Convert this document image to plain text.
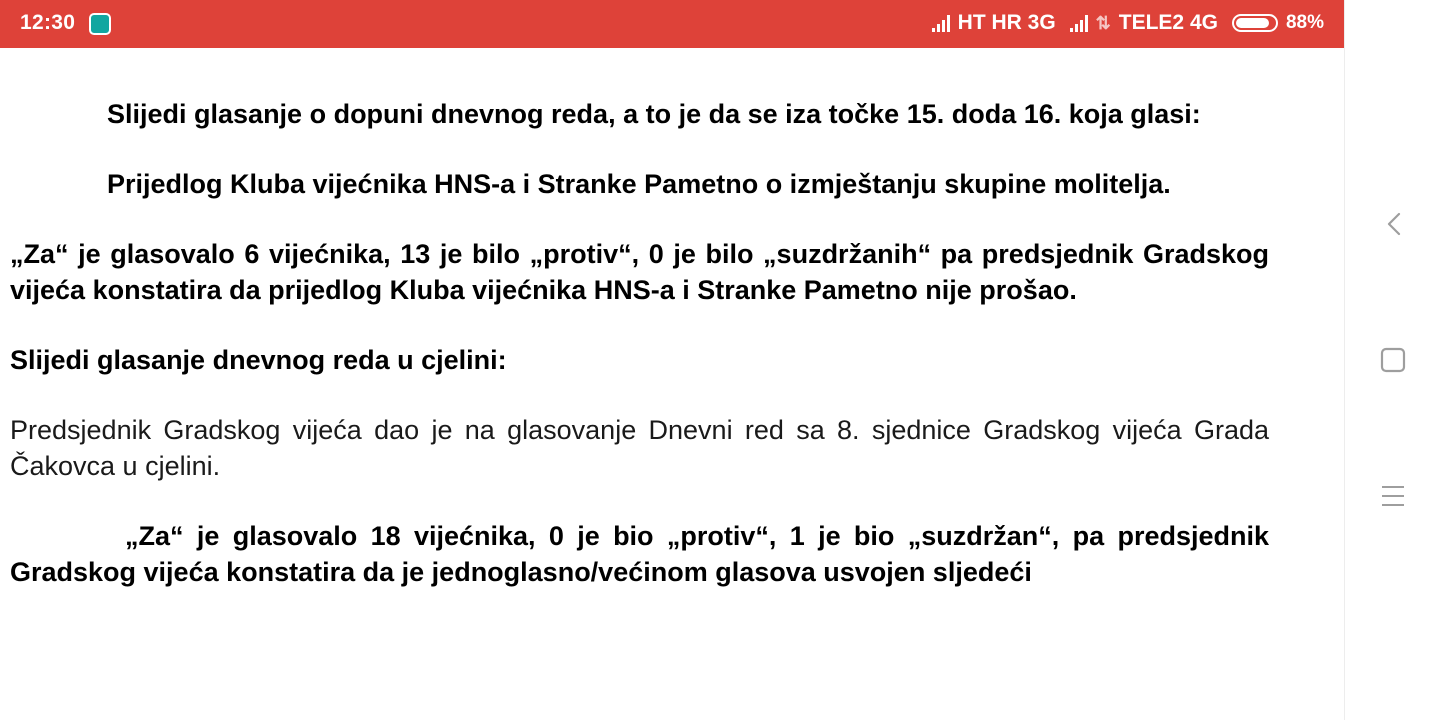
12:30	HT HR 3G ⇅ TELE2 4G	88%

Slijedi glasanje o dopuni dnevnog reda, a to je da se iza točke 15. doda 16. koja glasi:

Prijedlog Kluba vijećnika HNS-a i Stranke Pametno o izmještanju skupine molitelja.

„Za“ je glasovalo 6 vijećnika, 13 je bilo „protiv“, 0 je bilo „suzdržanih“ pa predsjednik Gradskog vijeća konstatira da prijedlog Kluba vijećnika HNS-a i Stranke Pametno nije prošao.

Slijedi glasanje dnevnog reda u cjelini:

Predsjednik Gradskog vijeća dao je na glasovanje Dnevni red sa 8. sjednice Gradskog vijeća Grada Čakovca u cjelini.

„Za“ je glasovalo 18 vijećnika, 0 je bio „protiv“, 1 je bio „suzdržan“, pa predsjednik Gradskog vijeća konstatira da je jednoglasno/većinom glasova usvojen sljedeći
